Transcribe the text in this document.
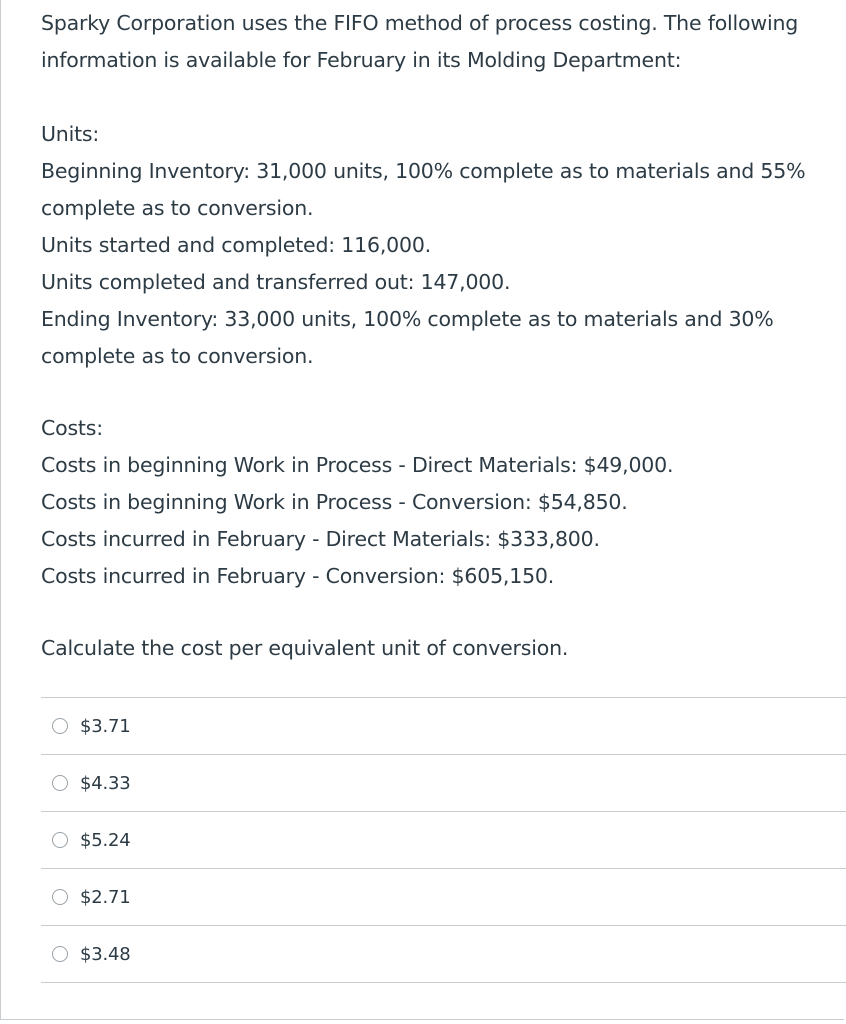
Sparky Corporation uses the FIFO method of process costing. The following information is available for February in its Molding Department:

Units:

Beginning Inventory: 31,000 units, 100% complete as to materials and 55% complete as to conversion.

Units started and completed: 116,000.

Units completed and transferred out: 147,000.

Ending Inventory: 33,000 units, 100% complete as to materials and 30% complete as to conversion.

Costs:

Costs in beginning Work in Process - Direct Materials: $49,000.

Costs in beginning Work in Process - Conversion: $54,850.

Costs incurred in February - Direct Materials: $333,800.

Costs incurred in February - Conversion: $605,150.

Calculate the cost per equivalent unit of conversion.

$3.71
$4.33
$5.24
$2.71
$3.48
